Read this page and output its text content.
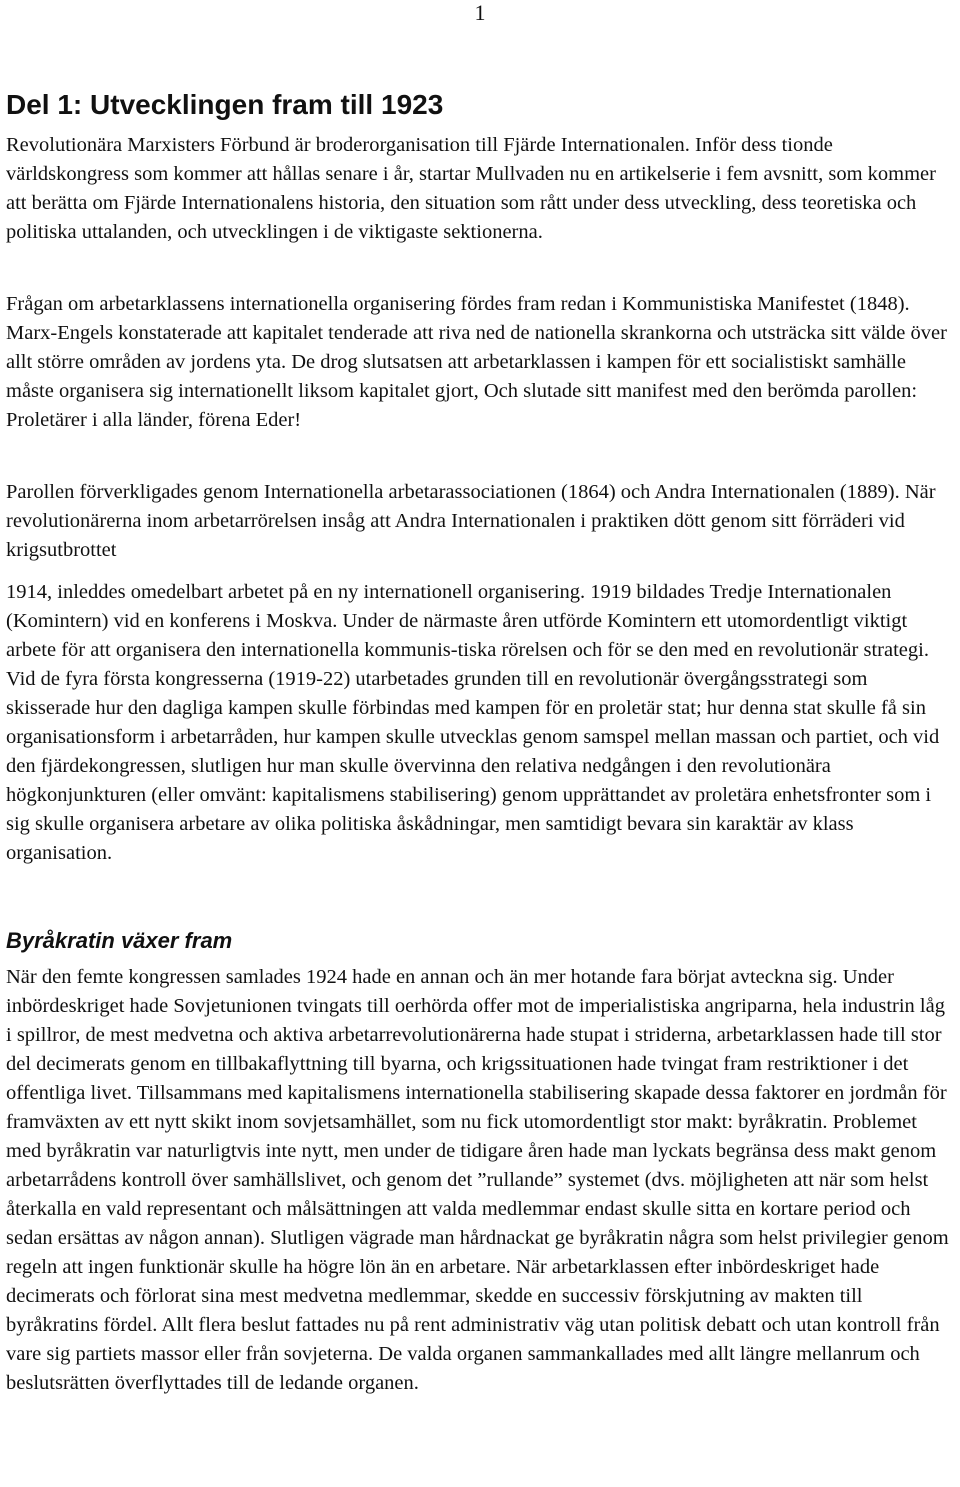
1

Del 1: Utvecklingen fram till 1923

Revolutionära Marxisters Förbund är broderorganisation till Fjärde Internationalen. Inför dess tionde världskongress som kommer att hållas senare i år, startar Mullvaden nu en artikelserie i fem avsnitt, som kommer att berätta om Fjärde Internationalens historia, den situation som rått under dess utveckling, dess teoretiska och politiska uttalanden, och utvecklingen i de viktigaste sektionerna.

Frågan om arbetarklassens internationella organisering fördes fram redan i Kommunistiska Manifestet (1848). Marx-Engels konstaterade att kapitalet tenderade att riva ned de nationella skrankorna och utsträcka sitt välde över allt större områden av jordens yta. De drog slutsatsen att arbetarklassen i kampen för ett socialistiskt samhälle måste organisera sig internationellt liksom kapitalet gjort, Och slutade sitt manifest med den berömda parollen: Proletärer i alla länder, förena Eder!

Parollen förverkligades genom Internationella arbetarassociationen (1864) och Andra Internationalen (1889). När revolutionärerna inom arbetarrörelsen insåg att Andra Internationalen i praktiken dött genom sitt förräderi vid krigsutbrottet

1914, inleddes omedelbart arbetet på en ny internationell organisering. 1919 bildades Tredje Internationalen (Komintern) vid en konferens i Moskva. Under de närmaste åren utförde Komintern ett utomordentligt viktigt arbete för att organisera den internationella kommunis-tiska rörelsen och för se den med en revolutionär strategi. Vid de fyra första kongresserna (1919-22) utarbetades grunden till en revolutionär övergångsstrategi som skisserade hur den dagliga kampen skulle förbindas med kampen för en proletär stat; hur denna stat skulle få sin organisationsform i arbetarråden, hur kampen skulle utvecklas genom samspel mellan massan och partiet, och vid den fjärdekongressen, slutligen hur man skulle övervinna den relativa nedgången i den revolutionära högkonjunkturen (eller omvänt: kapitalismens stabilisering) genom upprättandet av proletära enhetsfronter som i sig skulle organisera arbetare av olika politiska åskådningar, men samtidigt bevara sin karaktär av klass organisation.

Byråkratin växer fram

När den femte kongressen samlades 1924 hade en annan och än mer hotande fara börjat avteckna sig. Under inbördeskriget hade Sovjetunionen tvingats till oerhörda offer mot de imperialistiska angriparna, hela industrin låg i spillror, de mest medvetna och aktiva arbetarrevolutionärerna hade stupat i striderna, arbetarklassen hade till stor del decimerats genom en tillbakaflyttning till byarna, och krigssituationen hade tvingat fram restriktioner i det offentliga livet. Tillsammans med kapitalismens internationella stabilisering skapade dessa faktorer en jordmån för framväxten av ett nytt skikt inom sovjetsamhället, som nu fick utomordentligt stor makt: byråkratin. Problemet med byråkratin var naturligtvis inte nytt, men under de tidigare åren hade man lyckats begränsa dess makt genom arbetarrådens kontroll över samhällslivet, och genom det ”rullande” systemet (dvs. möjligheten att när som helst återkalla en vald representant och målsättningen att valda medlemmar endast skulle sitta en kortare period och sedan ersättas av någon annan). Slutligen vägrade man hårdnackat ge byråkratin några som helst privilegier genom regeln att ingen funktionär skulle ha högre lön än en arbetare. När arbetarklassen efter inbördeskriget hade decimerats och förlorat sina mest medvetna medlemmar, skedde en successiv förskjutning av makten till byråkratins fördel. Allt flera beslut fattades nu på rent administrativ väg utan politisk debatt och utan kontroll från vare sig partiets massor eller från sovjeterna. De valda organen sammankallades med allt längre mellanrum och beslutsrätten överflyttades till de ledande organen.
